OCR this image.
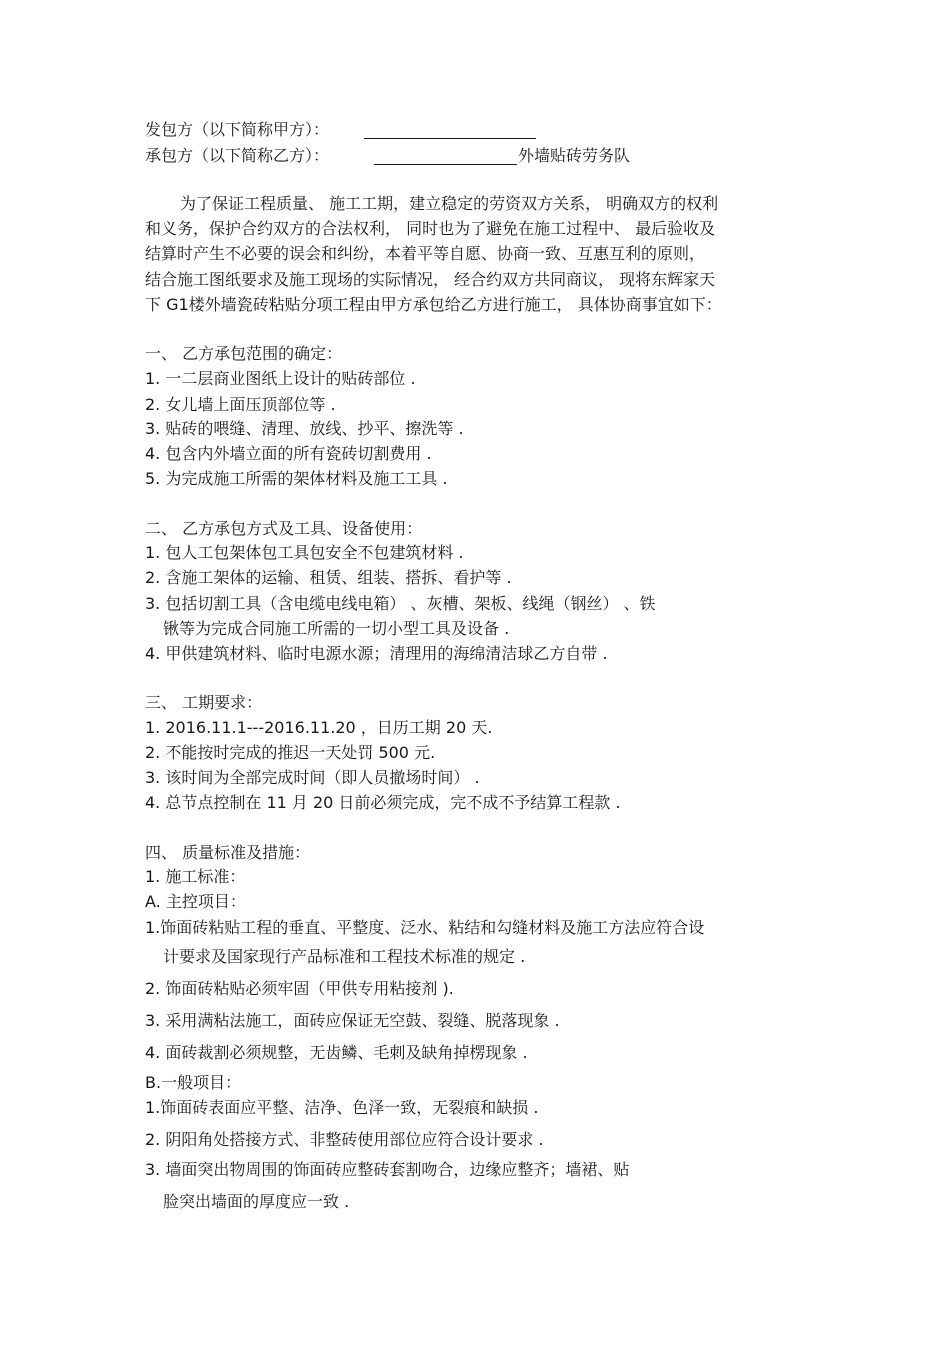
发包方（以下简称甲方）：
承包方（以下简称乙方）：	外墙贴砖劳务队
为了保证工程质量、 施工工期，建立稳定的劳资双方关系， 明确双方的权利
和义务，保护合约双方的合法权利， 同时也为了避免在施工过程中、 最后验收及
结算时产生不必要的误会和纠纷，本着平等自愿、协商一致、互惠互利的原则，
结合施工图纸要求及施工现场的实际情况， 经合约双方共同商议， 现将东辉家天
下 G1楼外墙瓷砖粘贴分项工程由甲方承包给乙方进行施工， 具体协商事宜如下：
一、 乙方承包范围的确定：
1. 一二层商业图纸上设计的贴砖部位 .
2. 女儿墙上面压顶部位等 .
3. 贴砖的喂缝、清理、放线、抄平、擦洗等 .
4. 包含内外墙立面的所有瓷砖切割费用 .
5. 为完成施工所需的架体材料及施工工具 .
二、 乙方承包方式及工具、设备使用：
1. 包人工包架体包工具包安全不包建筑材料 .
2. 含施工架体的运输、租赁、组装、搭拆、看护等 .
3. 包括切割工具（含电缆电线电箱） 、灰槽、架板、线绳（钢丝） 、铁
锹等为完成合同施工所需的一切小型工具及设备 .
4. 甲供建筑材料、临时电源水源；清理用的海绵清洁球乙方自带 .
三、 工期要求：
1. 2016.11.1---2016.11.20 ，日历工期 20 天.
2. 不能按时完成的推迟一天处罚 500 元.
3. 该时间为全部完成时间（即人员撤场时间） .
4. 总节点控制在 11 月 20 日前必须完成，完不成不予结算工程款 .
四、 质量标准及措施：
1. 施工标准：
A. 主控项目：
1.饰面砖粘贴工程的垂直、平整度、泛水、粘结和勾缝材料及施工方法应符合设
计要求及国家现行产品标准和工程技术标准的规定 .
2. 饰面砖粘贴必须牢固（甲供专用粘接剂 ).
3. 采用满粘法施工，面砖应保证无空鼓、裂缝、脱落现象 .
4. 面砖裁割必须规整，无齿鳞、毛刺及缺角掉楞现象 .
B.一般项目：
1.饰面砖表面应平整、洁净、色泽一致，无裂痕和缺损 .
2. 阴阳角处搭接方式、非整砖使用部位应符合设计要求 .
3. 墙面突出物周围的饰面砖应整砖套割吻合，边缘应整齐；墙裙、贴
脸突出墙面的厚度应一致 .
